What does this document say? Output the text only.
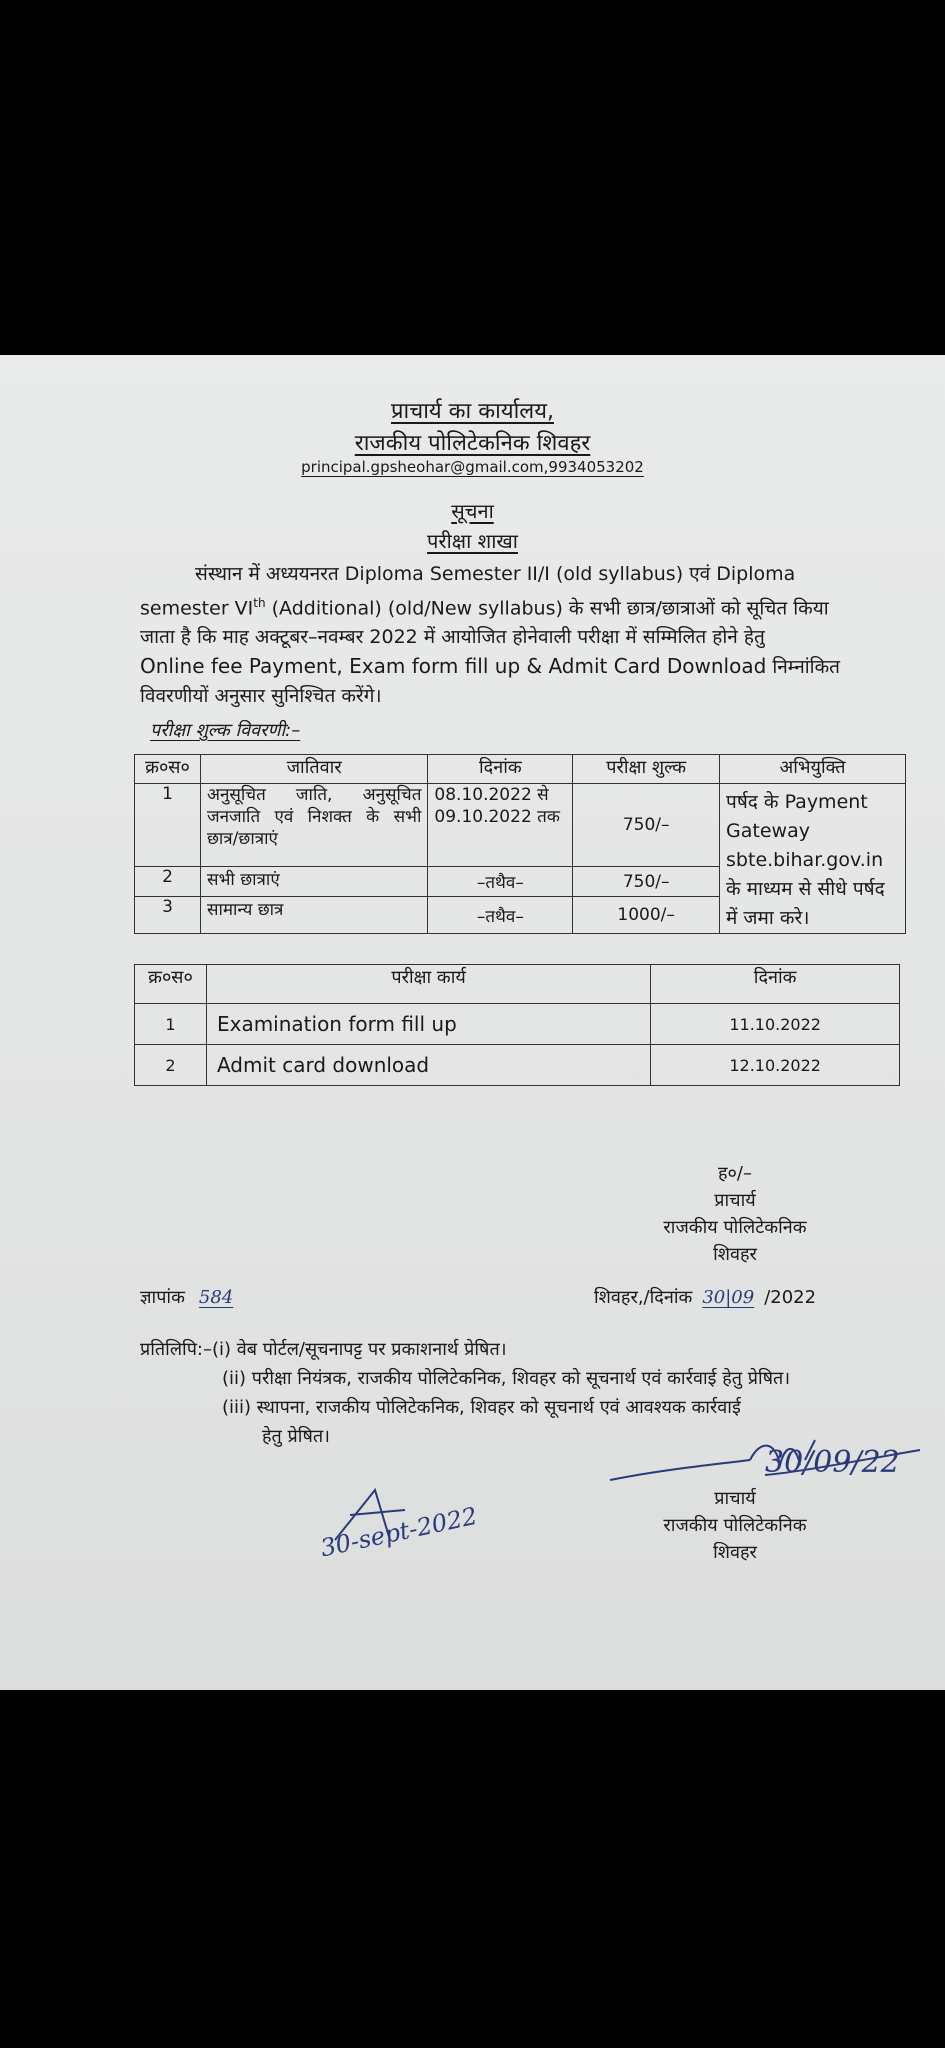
प्राचार्य का कार्यालय,
राजकीय पोलिटेकनिक शिवहर
principal.gpsheohar@gmail.com,9934053202
सूचना
परीक्षा शाखा
संस्थान में अध्ययनरत Diploma Semester II/I (old syllabus) एवं Diploma
semester VIth (Additional) (old/New syllabus) के सभी छात्र/छात्राओं को सूचित किया
जाता है कि माह अक्टूबर–नवम्बर 2022 में आयोजित होनेवाली परीक्षा में सम्मिलित होने हेतु
Online fee Payment, Exam form fill up & Admit Card Download निम्नांकित
विवरणीयों अनुसार सुनिश्चित करेंगे।
परीक्षा शुल्क विवरणी:–
क्र०स०	जातिवार	दिनांक	परीक्षा शुल्क	अभियुक्ति
1	अनुसूचित जाति, अनुसूचित जनजाति एवं निशक्त के सभी छात्र/छात्राएं	08.10.2022 से 09.10.2022 तक	750/–	पर्षद के Payment Gateway sbte.bihar.gov.in के माध्यम से सीधे पर्षद में जमा करे।
2	सभी छात्राएं	–तथैव–	750/–	
3	सामान्य छात्र	–तथैव–	1000/–	
क्र०स०	परीक्षा कार्य	दिनांक
1	Examination form fill up	11.10.2022
2	Admit card download	12.10.2022
ह०/–
प्राचार्य
राजकीय पोलिटेकनिक
शिवहर
ज्ञापांक 584	शिवहर,/दिनांक 30|09 /2022
प्रतिलिपि:–(i) वेब पोर्टल/सूचनापट्ट पर प्रकाशनार्थ प्रेषित।
(ii) परीक्षा नियंत्रक, राजकीय पोलिटेकनिक, शिवहर को सूचनार्थ एवं कार्रवाई हेतु प्रेषित।
(iii) स्थापना, राजकीय पोलिटेकनिक, शिवहर को सूचनार्थ एवं आवश्यक कार्रवाई
हेतु प्रेषित।
30/09/22
प्राचार्य
राजकीय पोलिटेकनिक
शिवहर
30-sept-2022
